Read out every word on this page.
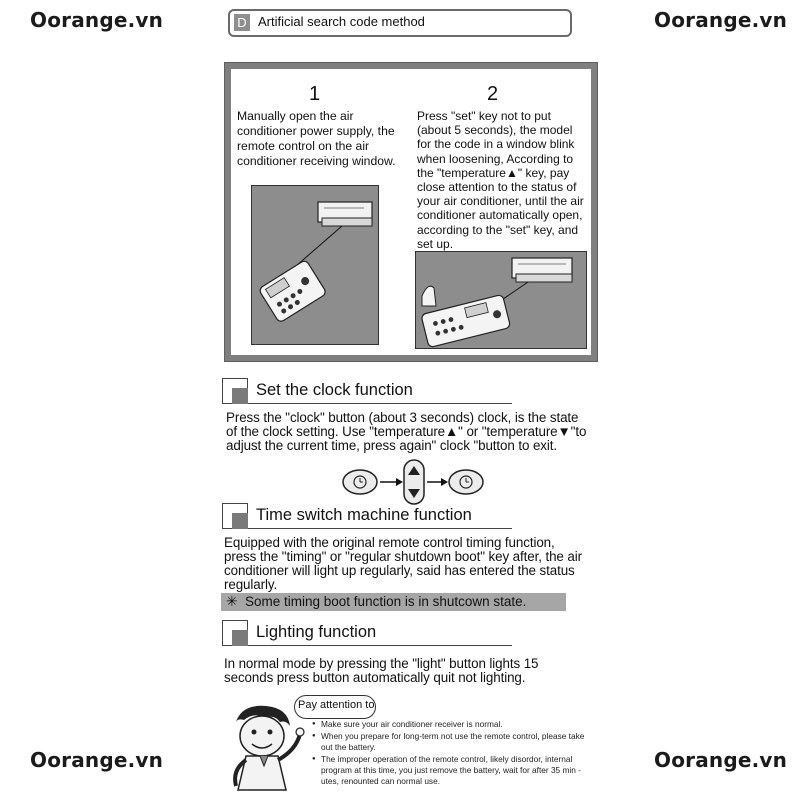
Oorange.vn	Oorange.vn
Oorange.vn	Oorange.vn
D Artificial search code method
1
Manually open the air conditioner power supply, the remote control on the air conditioner receiving window.
2
Press "set" key not to put (about 5 seconds), the model for the code in a window blink when loosening, According to the "temperature▲" key, pay close attention to the status of your air conditioner, until the air conditioner automatically open, according to the "set" key, and set up.
Set the clock function
Press the "clock" button (about 3 seconds) clock, is the state of the clock setting. Use "temperature▲" or "temperature▼"to adjust the current time, press again" clock "button to exit.
Time switch machine function
Equipped with the original remote control timing function, press the "timing" or "regular shutdown boot" key after, the air conditioner will light up regularly, said has entered the status regularly.
✳ Some timing boot function is in shutcown state.
Lighting function
In normal mode by pressing the "light" button lights 15 seconds press button automatically quit not lighting.
Pay attention to
● Make sure your air conditioner receiver is normal.
● When you prepare for long-term not use the remote control, please take out the battery.
● The improper operation of the remote control, likely disordor, internal program at this time, you just remove the battery, wait for after 35 min -utes, renounted can normal use.
